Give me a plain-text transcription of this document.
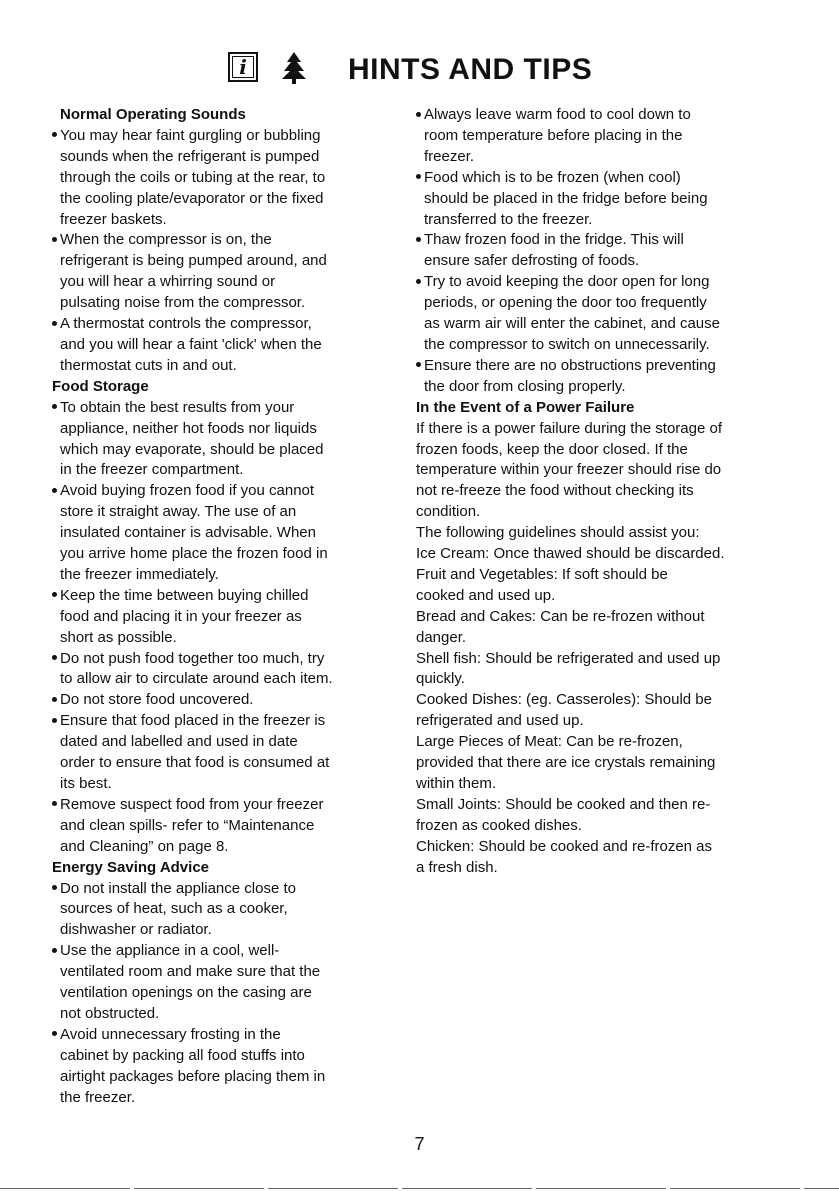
i	HINTS AND TIPS
Normal Operating Sounds
You may hear faint gurgling or bubbling
sounds when the refrigerant is pumped
through the coils or tubing at the rear, to
the cooling plate/evaporator or the fixed
freezer baskets.
When the compressor is on, the
refrigerant is being pumped around, and
you will hear a whirring sound or
pulsating noise from the compressor.
A thermostat controls the compressor,
and you will hear a faint 'click' when the
thermostat cuts in and out.
Food Storage
To obtain the best results from your
appliance, neither hot foods nor liquids
which may evaporate, should be placed
in the freezer compartment.
Avoid buying frozen food if you cannot
store it straight away. The use of an
insulated container is advisable. When
you arrive home place the frozen food in
the freezer immediately.
Keep the time between buying chilled
food and placing it in your freezer as
short as possible.
Do not push food together too much, try
to allow air to circulate around each item.
Do not store food uncovered.
Ensure that food placed in the freezer is
dated and labelled and used in date
order to ensure that food is consumed at
its best.
Remove suspect food from your freezer
and clean spills- refer to “Maintenance
and Cleaning” on page 8.
Energy Saving Advice
Do not install the appliance close to
sources of heat, such as a cooker,
dishwasher or radiator.
Use the appliance in a cool, well-
ventilated room and make sure that the
ventilation openings on the casing are
not obstructed.
Avoid unnecessary frosting in the
cabinet by packing all food stuffs into
airtight packages before placing them in
the freezer.
Always leave warm food to cool down to
room temperature before placing in the
freezer.
Food which is to be frozen (when cool)
should be placed in the fridge before being
transferred to the freezer.
Thaw frozen food in the fridge. This will
ensure safer defrosting of foods.
Try to avoid keeping the door open for long
periods, or opening the door too frequently
as warm air will enter the cabinet, and cause
the compressor to switch on unnecessarily.
Ensure there are no obstructions preventing
the door from closing properly.
In the Event of a Power Failure
If there is a power failure during the storage of
frozen foods, keep the door closed. If the
temperature within your freezer should rise do
not re-freeze the food without checking its
condition.
The following guidelines should assist you:
Ice Cream: Once thawed should be discarded.
Fruit and Vegetables: If soft should be
cooked and used up.
Bread and Cakes: Can be re-frozen without
danger.
Shell fish: Should be refrigerated and used up
quickly.
Cooked Dishes: (eg. Casseroles): Should be
refrigerated and used up.
Large Pieces of Meat: Can be re-frozen,
provided that there are ice crystals remaining
within them.
Small Joints: Should be cooked and then re-
frozen as cooked dishes.
Chicken: Should be cooked and re-frozen as
a fresh dish.
7
